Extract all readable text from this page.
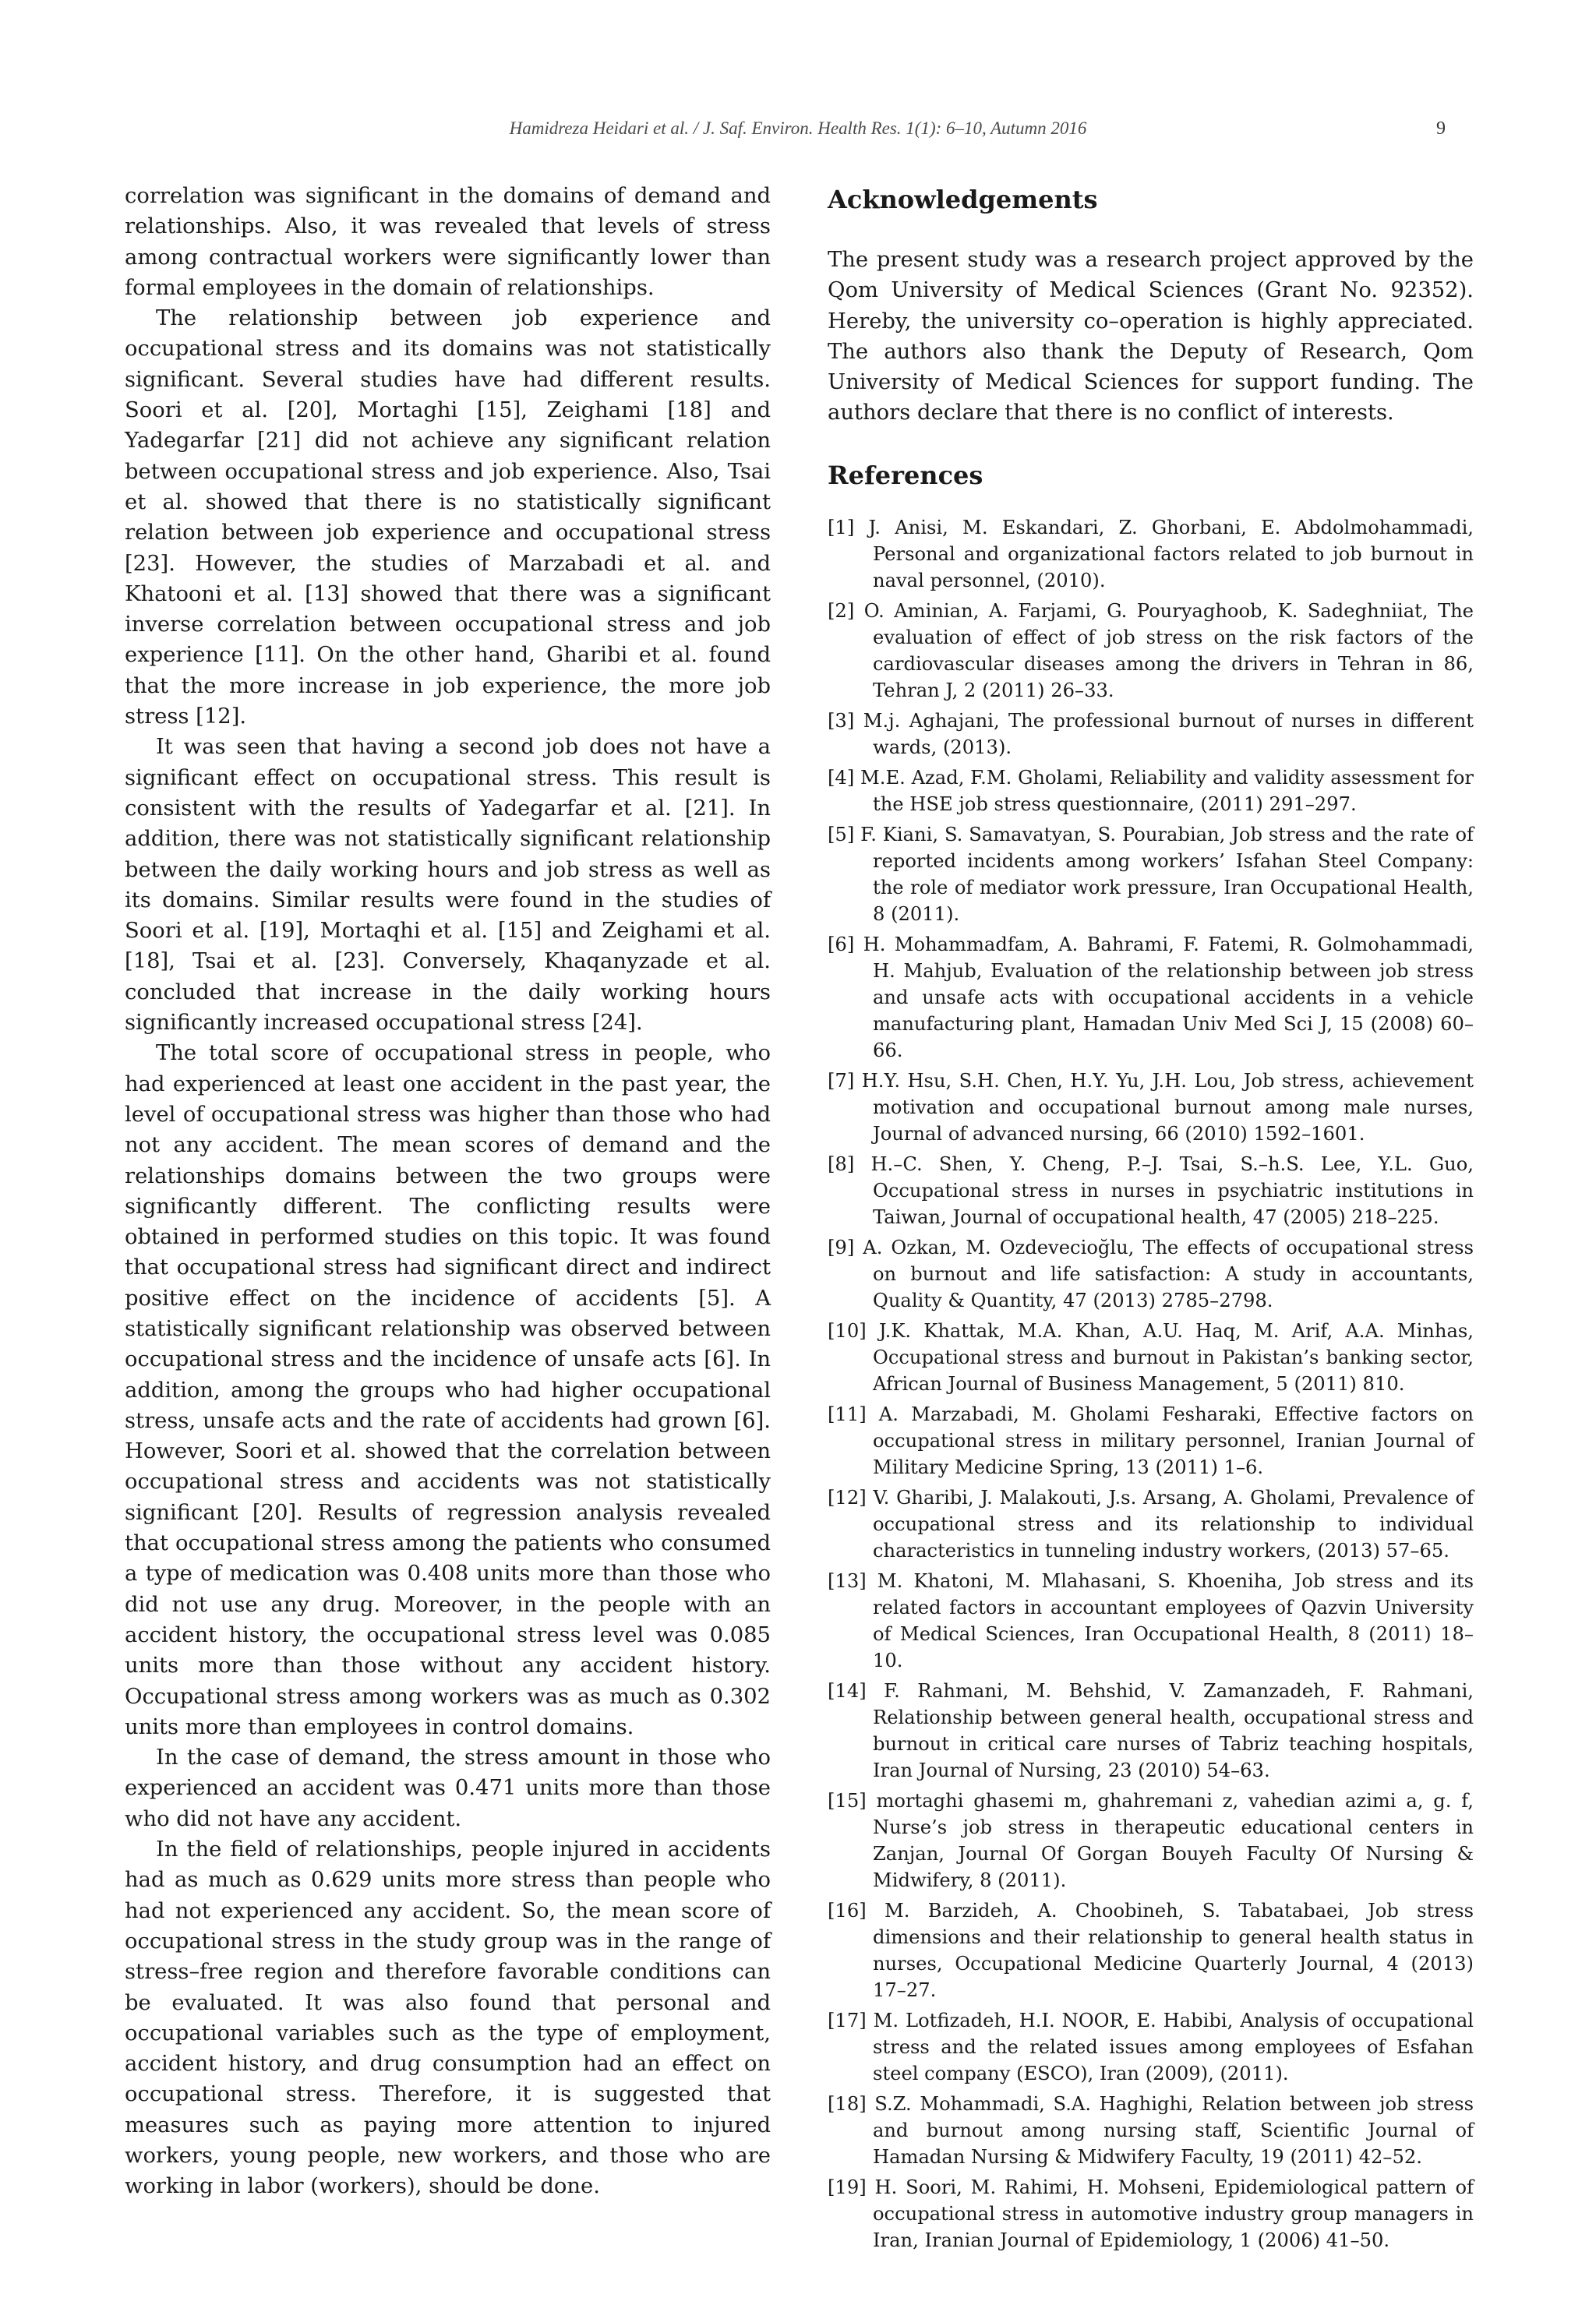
Hamidreza Heidari et al. / J. Saf. Environ. Health Res. 1(1): 6–10, Autumn 2016	9

correlation was significant in the domains of demand and relationships. Also, it was revealed that levels of stress among contractual workers were significantly lower than formal employees in the domain of relationships.

The relationship between job experience and occupational stress and its domains was not statistically significant. Several studies have had different results. Soori et al. [20], Mortaghi [15], Zeighami [18] and Yadegarfar [21] did not achieve any significant relation between occupational stress and job experience. Also, Tsai et al. showed that there is no statistically significant relation between job experience and occupational stress [23]. However, the studies of Marzabadi et al. and Khatooni et al. [13] showed that there was a significant inverse correlation between occupational stress and job experience [11]. On the other hand, Gharibi et al. found that the more increase in job experience, the more job stress [12].

It was seen that having a second job does not have a significant effect on occupational stress. This result is consistent with the results of Yadegarfar et al. [21]. In addition, there was not statistically significant relationship between the daily working hours and job stress as well as its domains. Similar results were found in the studies of Soori et al. [19], Mortaqhi et al. [15] and Zeighami et al. [18], Tsai et al. [23]. Conversely, Khaqanyzade et al. concluded that increase in the daily working hours significantly increased occupational stress [24].

The total score of occupational stress in people, who had experienced at least one accident in the past year, the level of occupational stress was higher than those who had not any accident. The mean scores of demand and the relationships domains between the two groups were significantly different. The conflicting results were obtained in performed studies on this topic. It was found that occupational stress had significant direct and indirect positive effect on the incidence of accidents [5]. A statistically significant relationship was observed between occupational stress and the incidence of unsafe acts [6]. In addition, among the groups who had higher occupational stress, unsafe acts and the rate of accidents had grown [6]. However, Soori et al. showed that the correlation between occupational stress and accidents was not statistically significant [20]. Results of regression analysis revealed that occupational stress among the patients who consumed a type of medication was 0.408 units more than those who did not use any drug. Moreover, in the people with an accident history, the occupational stress level was 0.085 units more than those without any accident history. Occupational stress among workers was as much as 0.302 units more than employees in control domains.

In the case of demand, the stress amount in those who experienced an accident was 0.471 units more than those who did not have any accident.

In the field of relationships, people injured in accidents had as much as 0.629 units more stress than people who had not experienced any accident. So, the mean score of occupational stress in the study group was in the range of stress–free region and therefore favorable conditions can be evaluated. It was also found that personal and occupational variables such as the type of employment, accident history, and drug consumption had an effect on occupational stress. Therefore, it is suggested that measures such as paying more attention to injured workers, young people, new workers, and those who are working in labor (workers), should be done.

Acknowledgements

The present study was a research project approved by the Qom University of Medical Sciences (Grant No. 92352). Hereby, the university co–operation is highly appreciated. The authors also thank the Deputy of Research, Qom University of Medical Sciences for support funding. The authors declare that there is no conflict of interests.

References
[1] J. Anisi, M. Eskandari, Z. Ghorbani, E. Abdolmohammadi, Personal and organizational factors related to job burnout in naval personnel, (2010).
[2] O. Aminian, A. Farjami, G. Pouryaghoob, K. Sadeghniiat, The evaluation of effect of job stress on the risk factors of the cardiovascular diseases among the drivers in Tehran in 86, Tehran J, 2 (2011) 26–33.
[3] M.j. Aghajani, The professional burnout of nurses in different wards, (2013).
[4] M.E. Azad, F.M. Gholami, Reliability and validity assessment for the HSE job stress questionnaire, (2011) 291–297.
[5] F. Kiani, S. Samavatyan, S. Pourabian, Job stress and the rate of reported incidents among workers’ Isfahan Steel Company: the role of mediator work pressure, Iran Occupational Health, 8 (2011).
[6] H. Mohammadfam, A. Bahrami, F. Fatemi, R. Golmohammadi, H. Mahjub, Evaluation of the relationship between job stress and unsafe acts with occupational accidents in a vehicle manufacturing plant, Hamadan Univ Med Sci J, 15 (2008) 60–66.
[7] H.Y. Hsu, S.H. Chen, H.Y. Yu, J.H. Lou, Job stress, achievement motivation and occupational burnout among male nurses, Journal of advanced nursing, 66 (2010) 1592–1601.
[8] H.–C. Shen, Y. Cheng, P.–J. Tsai, S.–h.S. Lee, Y.L. Guo, Occupational stress in nurses in psychiatric institutions in Taiwan, Journal of occupational health, 47 (2005) 218–225.
[9] A. Ozkan, M. Ozdevecioğlu, The effects of occupational stress on burnout and life satisfaction: A study in accountants, Quality & Quantity, 47 (2013) 2785–2798.
[10] J.K. Khattak, M.A. Khan, A.U. Haq, M. Arif, A.A. Minhas, Occupational stress and burnout in Pakistan’s banking sector, African Journal of Business Management, 5 (2011) 810.
[11] A. Marzabadi, M. Gholami Fesharaki, Effective factors on occupational stress in military personnel, Iranian Journal of Military Medicine Spring, 13 (2011) 1–6.
[12] V. Gharibi, J. Malakouti, J.s. Arsang, A. Gholami, Prevalence of occupational stress and its relationship to individual characteristics in tunneling industry workers, (2013) 57–65.
[13] M. Khatoni, M. Mlahasani, S. Khoeniha, Job stress and its related factors in accountant employees of Qazvin University of Medical Sciences, Iran Occupational Health, 8 (2011) 18–10.
[14] F. Rahmani, M. Behshid, V. Zamanzadeh, F. Rahmani, Relationship between general health, occupational stress and burnout in critical care nurses of Tabriz teaching hospitals, Iran Journal of Nursing, 23 (2010) 54–63.
[15] mortaghi ghasemi m, ghahremani z, vahedian azimi a, g. f, Nurse’s job stress in therapeutic educational centers in Zanjan, Journal Of Gorgan Bouyeh Faculty Of Nursing & Midwifery, 8 (2011).
[16] M. Barzideh, A. Choobineh, S. Tabatabaei, Job stress dimensions and their relationship to general health status in nurses, Occupational Medicine Quarterly Journal, 4 (2013) 17–27.
[17] M. Lotfizadeh, H.I. NOOR, E. Habibi, Analysis of occupational stress and the related issues among employees of Esfahan steel company (ESCO), Iran (2009), (2011).
[18] S.Z. Mohammadi, S.A. Haghighi, Relation between job stress and burnout among nursing staff, Scientific Journal of Hamadan Nursing & Midwifery Faculty, 19 (2011) 42–52.
[19] H. Soori, M. Rahimi, H. Mohseni, Epidemiological pattern of occupational stress in automotive industry group managers in Iran, Iranian Journal of Epidemiology, 1 (2006) 41–50.
